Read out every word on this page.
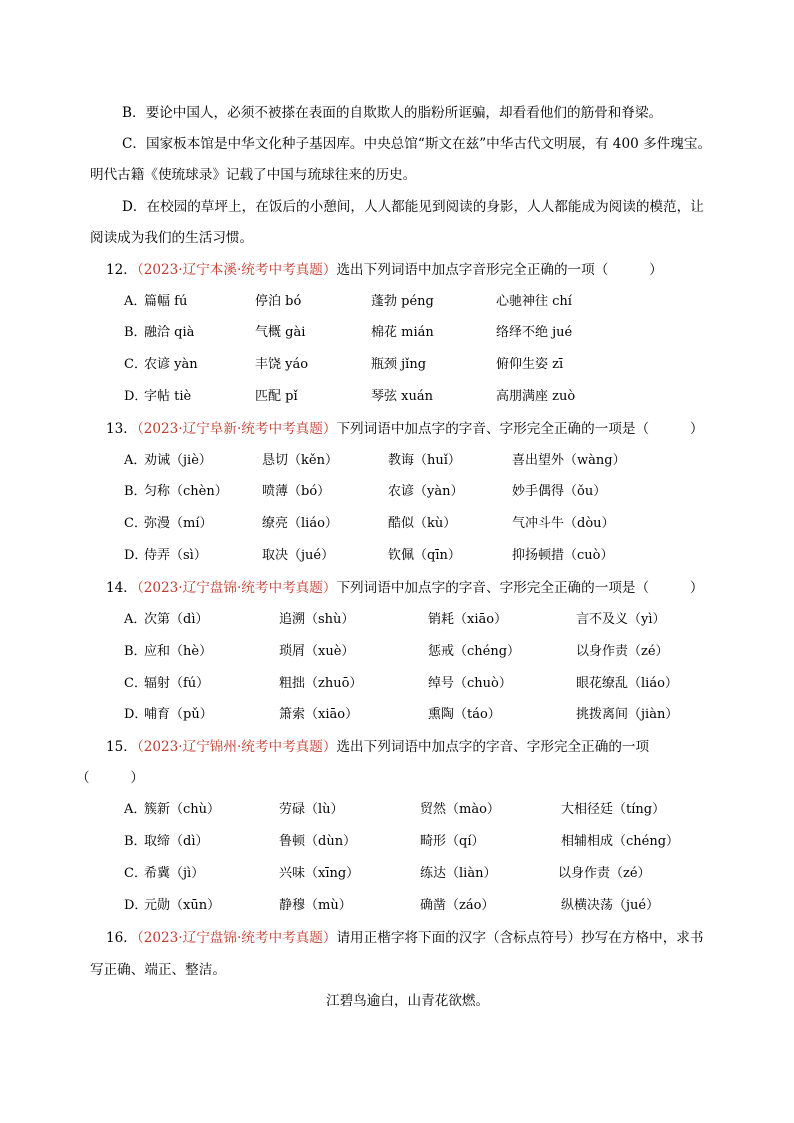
B．要论中国人，必须不被搽在表面的自欺欺人的脂粉所诓骗，却看看他们的筋骨和脊梁。
C．国家板本馆是中华文化种子基因库。中央总馆“斯文在兹”中华古代文明展，有 400 多件瑰宝。
明代古籍《使琉球录》记载了中国与琉球往来的历史。
D．在校园的草坪上，在饭后的小憩间，人人都能见到阅读的身影，人人都能成为阅读的模范，让
阅读成为我们的生活习惯。
12．（2023·辽宁本溪·统考中考真题）选出下列词语中加点字音形完全正确的一项（　　　）
A．
篇幅 fú	停泊 bó	蓬勃 péng	心驰神往 chí
B．
融洽 qià	气概 gài	棉花 mián	络绎不绝 jué
C．
农谚 yàn	丰饶 yáo	瓶颈 jǐng	俯仰生姿 zī
D．
字帖 tiè	匹配 pǐ	琴弦 xuán	高朋满座 zuò
13．（2023·辽宁阜新·统考中考真题）下列词语中加点字的字音、字形完全正确的一项是（　　　）
A．
劝诫（jiè）	恳切（kěn）	教诲（huǐ）	喜出望外（wàng）
B．
匀称（chèn）	喷薄（bó）	农谚（yàn）	妙手偶得（ǒu）
C．
弥漫（mí）	缭亮（liáo）	酷似（kù）	气冲斗牛（dòu）
D．
侍弄（sì）	取决（jué）	钦佩（qīn）	抑扬顿措（cuò）
14．（2023·辽宁盘锦·统考中考真题）下列词语中加点字的字音、字形完全正确的一项是（　　　）
A．
次第（dì）	追溯（shù）	销耗（xiāo）	言不及义（yì）
B．
应和（hè）	琐屑（xuè）	惩戒（chéng）	以身作责（zé）
C．
辐射（fú）	粗拙（zhuō）	绰号（chuò）	眼花缭乱（liáo）
D．
哺育（pǔ）	箫索（xiāo）	熏陶（táo）	挑拨离间（jiàn）
15．（2023·辽宁锦州·统考中考真题）选出下列词语中加点字的字音、字形完全正确的一项
（　　　）
A．
簇新（chù）	劳碌（lù）	贸然（mào）	大相径廷（tíng）
B．
取缔（dì）	鲁顿（dùn）	畸形（qí）	相辅相成（chéng）
C．
希冀（jì）	兴味（xīng）	练达（liàn）	以身作责（zé）
D．
元勋（xūn）	静穆（mù）	确凿（záo）	纵横决荡（jué）
16．（2023·辽宁盘锦·统考中考真题）请用正楷字将下面的汉字（含标点符号）抄写在方格中，求书
写正确、端正、整洁。
江碧鸟逾白，山青花欲燃。
